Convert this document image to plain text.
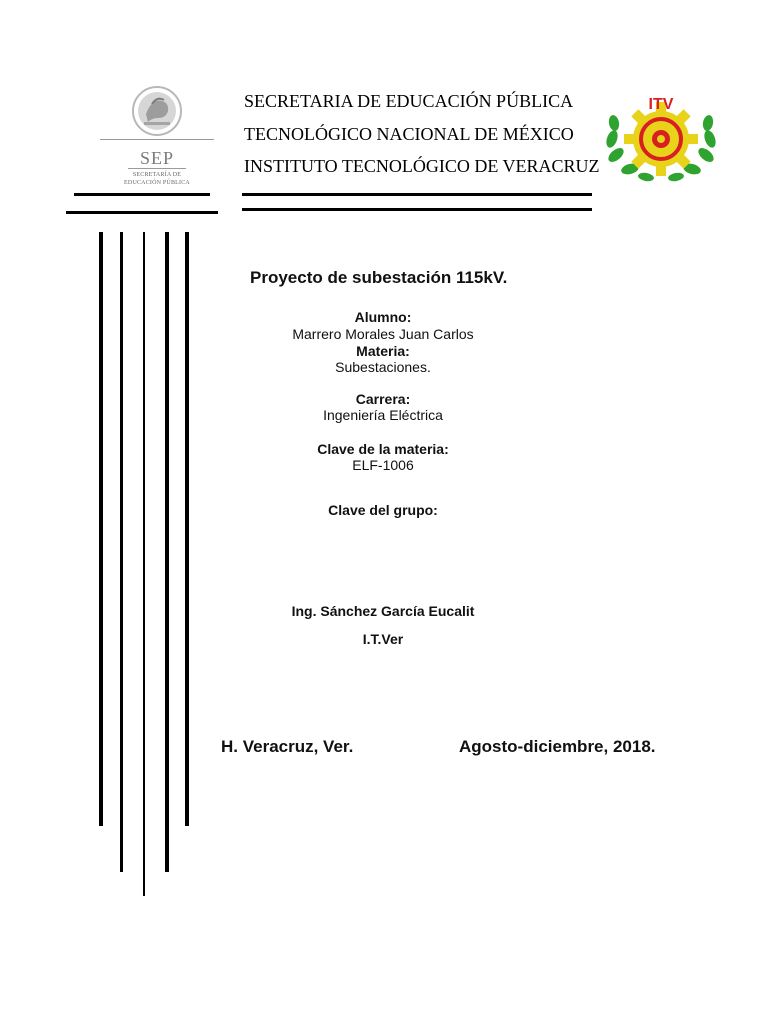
SEP
SECRETARÍA DE
EDUCACIÓN PÚBLICA
SECRETARIA DE EDUCACIÓN PÚBLICA
TECNOLÓGICO NACIONAL DE MÉXICO
INSTITUTO TECNOLÓGICO DE VERACRUZ
ITV
Proyecto de subestación 115kV.
Alumno:
Marrero Morales Juan Carlos
Materia:
Subestaciones.
Carrera:
Ingeniería Eléctrica
Clave de la materia:
ELF-1006
Clave del grupo:
Ing. Sánchez García Eucalit
I.T.Ver
H. Veracruz, Ver.	Agosto-diciembre, 2018.
